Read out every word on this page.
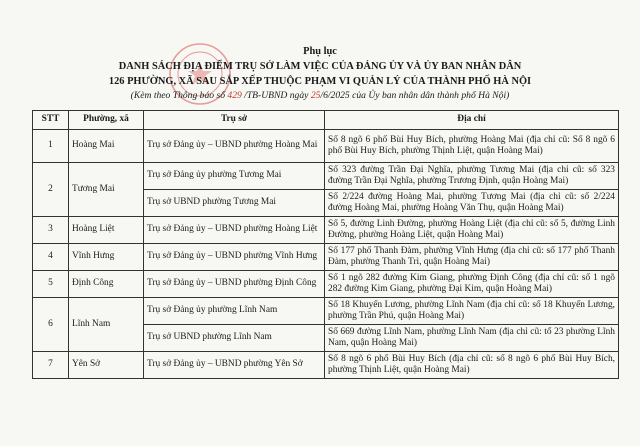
Phụ lục
DANH SÁCH ĐỊA ĐIỂM TRỤ SỞ LÀM VIỆC CỦA ĐẢNG ỦY VÀ ỦY BAN NHÂN DÂN
126 PHƯỜNG, XÃ SAU SẮP XẾP THUỘC PHẠM VI QUẢN LÝ CỦA THÀNH PHỐ HÀ NỘI
(Kèm theo Thông báo số 429 /TB-UBND ngày 25/6/2025 của Ủy ban nhân dân thành phố Hà Nội)
STT	Phường, xã	Trụ sở	Địa chỉ
1	Hoàng Mai	Trụ sở Đảng ủy – UBND phường Hoàng Mai	Số 8 ngõ 6 phố Bùi Huy Bích, phường Hoàng Mai (địa chỉ cũ: Số 8 ngõ 6 phố Bùi Huy Bích, phường Thịnh Liệt, quận Hoàng Mai)
2	Tương Mai	Trụ sở Đảng ủy phường Tương Mai	Số 323 đường Trần Đại Nghĩa, phường Tương Mai (địa chỉ cũ: số 323 đường Trần Đại Nghĩa, phường Trương Định, quận Hoàng Mai)
		Trụ sở UBND phường Tương Mai	Số 2/224 đường Hoàng Mai, phường Tương Mai (địa chỉ cũ: số 2/224 đường Hoàng Mai, phường Hoàng Văn Thụ, quận Hoàng Mai)
3	Hoàng Liệt	Trụ sở Đảng ủy – UBND phường Hoàng Liệt	Số 5, đường Linh Đường, phường Hoàng Liệt (địa chỉ cũ: số 5, đường Linh Đường, phường Hoàng Liệt, quận Hoàng Mai)
4	Vĩnh Hưng	Trụ sở Đảng ủy – UBND phường Vĩnh Hưng	Số 177 phố Thanh Đàm, phường Vĩnh Hưng (địa chỉ cũ: số 177 phố Thanh Đàm, phường Thanh Trì, quận Hoàng Mai)
5	Định Công	Trụ sở Đảng ủy – UBND phường Định Công	Số 1 ngõ 282 đường Kim Giang, phường Định Công (địa chỉ cũ: số 1 ngõ 282 đường Kim Giang, phường Đại Kim, quận Hoàng Mai)
6	Lĩnh Nam	Trụ sở Đảng ủy phường Lĩnh Nam	Số 18 Khuyến Lương, phường Lĩnh Nam (địa chỉ cũ: số 18 Khuyến Lương, phường Trần Phú, quận Hoàng Mai)
		Trụ sở UBND phường Lĩnh Nam	Số 669 đường Lĩnh Nam, phường Lĩnh Nam (địa chỉ cũ: tổ 23 phường Lĩnh Nam, quận Hoàng Mai)
7	Yên Sở	Trụ sở Đảng ủy – UBND phường Yên Sở	Số 8 ngõ 6 phố Bùi Huy Bích (địa chỉ cũ: số 8 ngõ 6 phố Bùi Huy Bích, phường Thịnh Liệt, quận Hoàng Mai)
